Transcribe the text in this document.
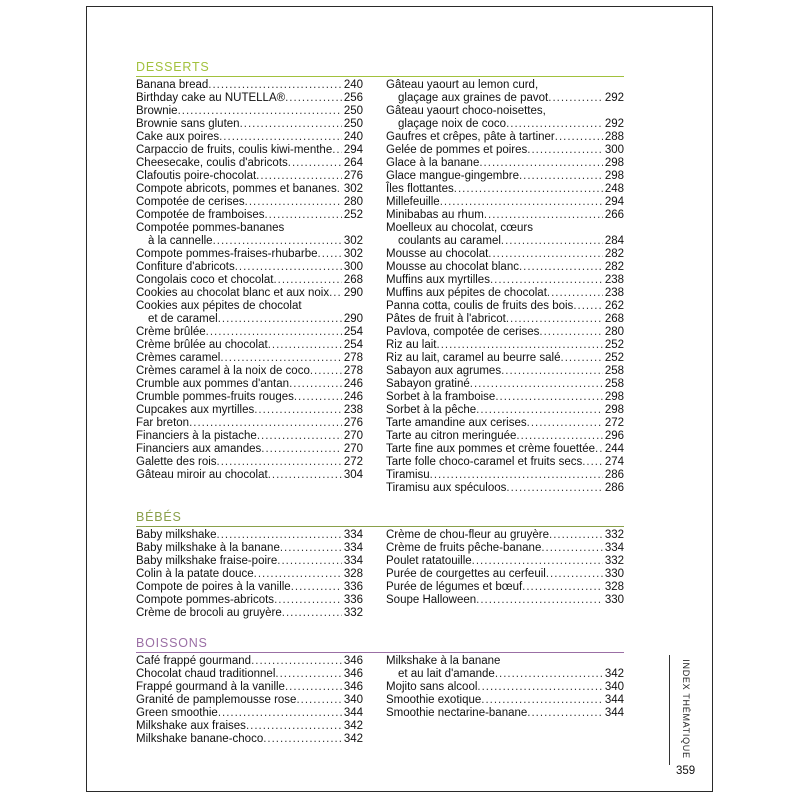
DESSERTS
Banana bread .....	240
Birthday cake au NUTELLA® .....	256
Brownie .....	250
Brownie sans gluten .....	250
Cake aux poires .....	240
Carpaccio de fruits, coulis kiwi-menthe ..... 294
Cheesecake, coulis d'abricots .....	264
Clafoutis poire-chocolat .....	276
Compote abricots, pommes et bananes ..... 302
Compotée de cerises .....	280
Compotée de framboises .....	252
Compotée pommes-bananes
à la cannelle .....	302
Compote pommes-fraises-rhubarbe ..... 302
Confiture d'abricots .....	300
Congolais coco et chocolat .....	268
Cookies au chocolat blanc et aux noix ..... 290
Cookies aux pépites de chocolat
et de caramel .....	290
Crème brûlée .....	254
Crème brûlée au chocolat .....	254
Crèmes caramel .....	278
Crèmes caramel à la noix de coco .....	278
Crumble aux pommes d'antan .....	246
Crumble pommes-fruits rouges .....	246
Cupcakes aux myrtilles .....	238
Far breton .....	276
Financiers à la pistache .....	270
Financiers aux amandes .....	270
Galette des rois .....	272
Gâteau miroir au chocolat .....	304
Gâteau yaourt au lemon curd,
glaçage aux graines de pavot .....	292
Gâteau yaourt choco-noisettes,
glaçage noix de coco .....	292
Gaufres et crêpes, pâte à tartiner .....	288
Gelée de pommes et poires .....	300
Glace à la banane .....	298
Glace mangue-gingembre .....	298
Îles flottantes .....	248
Millefeuille .....	294
Minibabas au rhum .....	266
Moelleux au chocolat, cœurs
coulants au caramel .....	284
Mousse au chocolat .....	282
Mousse au chocolat blanc .....	282
Muffins aux myrtilles .....	238
Muffins aux pépites de chocolat .....	238
Panna cotta, coulis de fruits des bois .....	262
Pâtes de fruit à l'abricot .....	268
Pavlova, compotée de cerises .....	280
Riz au lait .....	252
Riz au lait, caramel au beurre salé .....	252
Sabayon aux agrumes .....	258
Sabayon gratiné .....	258
Sorbet à la framboise .....	298
Sorbet à la pêche .....	298
Tarte amandine aux cerises .....	272
Tarte au citron meringuée .....	296
Tarte fine aux pommes et crème fouettée ..... 244
Tarte folle choco-caramel et fruits secs ..... 274
Tiramisu .....	286
Tiramisu aux spéculoos .....	286
BÉBÉS
Baby milkshake .....	334
Baby milkshake à la banane .....	334
Baby milkshake fraise-poire .....	334
Colin à la patate douce .....	328
Compote de poires à la vanille .....	336
Compote pommes-abricots .....	336
Crème de brocoli au gruyère .....	332
Crème de chou-fleur au gruyère .....	332
Crème de fruits pêche-banane .....	334
Poulet ratatouille .....	332
Purée de courgettes au cerfeuil .....	330
Purée de légumes et bœuf .....	328
Soupe Halloween .....	330
BOISSONS
Café frappé gourmand .....	346
Chocolat chaud traditionnel .....	346
Frappé gourmand à la vanille .....	346
Granité de pamplemousse rose .....	340
Green smoothie .....	344
Milkshake aux fraises .....	342
Milkshake banane-choco .....	342
Milkshake à la banane
et au lait d'amande .....	342
Mojito sans alcool .....	340
Smoothie exotique .....	344
Smoothie nectarine-banane .....	344	INDEX THÉMATIQUE
359
